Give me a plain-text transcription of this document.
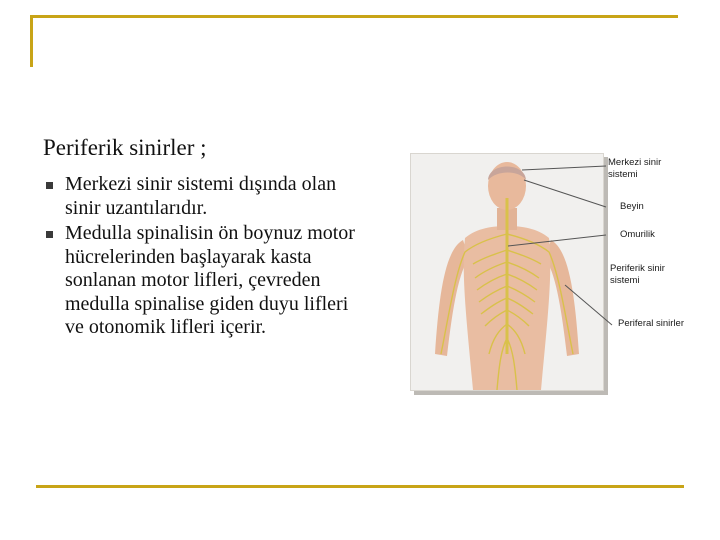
Periferik sinirler ;
Merkezi sinir sistemi dışında olan sinir uzantılarıdır.
Medulla spinalisin ön boynuz motor hücrelerinden başlayarak kasta sonlanan motor lifleri, çevreden medulla spinalise giden duyu lifleri ve otonomik lifleri içerir.
Merkezi sinir
sistemi
Beyin
Omurilik
Periferik sinir
sistemi
Periferal sinirler
